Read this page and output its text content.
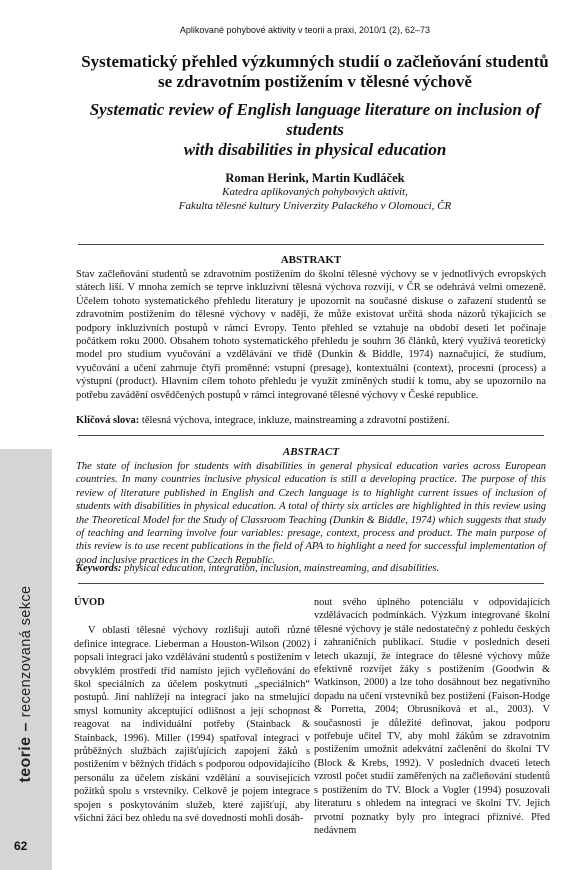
teorie–recenzovaná sekce
62
Aplikované pohybové aktivity v teorii a praxi, 2010/1 (2), 62–73
Systematický přehled výzkumných studií o začleňování studentů
se zdravotním postižením v tělesné výchově
Systematic review of English language literature on inclusion of students
with disabilities in physical education
Roman Herink, Martin Kudláček
Katedra aplikovaných pohybových aktivit,
Fakulta tělesné kultury Univerzity Palackého v Olomouci, ČR
ABSTRAKT
Stav začleňování studentů se zdravotním postižením do školní tělesné výchovy se v jednotlivých evropských státech liší. V mnoha zemích se teprve inkluzivní tělesná výchova rozvíjí, v ČR se odehrává velmi omezeně. Účelem tohoto systematického přehledu literatury je upozornit na současné diskuse o zařazení studentů se zdravotním postižením do tělesné výchovy v naději, že může existovat určitá shoda názorů týkajících se podpory inkluzivních postupů v rámci Evropy. Tento přehled se vztahuje na období deseti let počínaje počátkem roku 2000. Obsahem tohoto systematického přehledu je souhrn 36 článků, který využívá teoretický model pro studium vyučování a vzdělávání ve třídě (Dunkin & Biddle, 1974) naznačující, že studium, vyučování a učení zahrnuje čtyři proměnné: vstupní (presage), kontextuální (context), procesní (process) a výstupní (product). Hlavním cílem tohoto přehledu je využít zmíněných studií k tomu, aby se upozornilo na potřebu zavádění osvědčených postupů v rámci integrované tělesné výchovy v České republice.
Klíčová slova: tělesná výchova, integrace, inkluze, mainstreaming a zdravotní postižení.
ABSTRACT
The state of inclusion for students with disabilities in general physical education varies across European countries. In many countries inclusive physical education is still a developing practice. The purpose of this review of literature published in English and Czech language is to highlight current issues of inclusion of students with disabilities in physical education. A total of thirty six articles are highlighted in this review using the Theoretical Model for the Study of Classroom Teaching (Dunkin & Biddle, 1974) which suggests that study of teaching and learning involve four variables: presage, context, process and product. The main purpose of this review is to use recent publications in the field of APA to highlight a need for successful implementation of good inclusive practices in the Czech Republic.
Keywords: physical education, integration, inclusion, mainstreaming, and disabilities.

ÚVOD

V oblasti tělesné výchovy rozlišují autoři různé definice integrace. Lieberman a Houston-Wilson (2002) popsali integraci jako vzdělávání studentů s postižením v obvyklém prostředí tříd namísto jejich vyčleňování do škol speciálních za účelem poskytnutí „speciálních“ postupů. Jiní nahlížejí na integraci jako na stmelující smysl komunity akceptující odlišnost a její schopnost reagovat na individuální potřeby (Stainback & Stainback, 1996). Miller (1994) spatřoval integraci v průběžných službách zajišťujících zapojení žáků s postižením v běžných třídách s podporou odpovídajícího personálu za účelem získání vzdělání a souvisejících požitků spolu s vrstevníky. Celkově je pojem integrace spojen s poskytováním služeb, které zajišťují, aby všichni žáci bez ohledu na své dovednosti mohli dosáh-

nout svého úplného potenciálu v odpovídajících vzdělávacích podmínkách. Výzkum integrované školní tělesné výchovy je stále nedostatečný z pohledu českých i zahraničních publikací. Studie v posledních deseti letech ukazují, že integrace do tělesné výchovy může efektivně rozvíjet žáky s postižením (Goodwin & Watkinson, 2000) a lze toho dosáhnout bez negativního dopadu na učení vrstevníků bez postižení (Faison-Hodge & Porretta, 2004; Obrusníková et al., 2003). V současnosti je důležité definovat, jakou podporu potřebuje učitel TV, aby mohl žákům se zdravotním postižením umožnit adekvátní začlenění do školní TV (Block & Krebs, 1992). V posledních dvaceti letech vzrostl počet studií zaměřených na začleňování studentů s postižením do TV. Block a Vogler (1994) posuzovali literaturu s ohledem na integraci ve školní TV. Jejich prvotní poznatky byly pro integraci příznivé. Před nedávnem
